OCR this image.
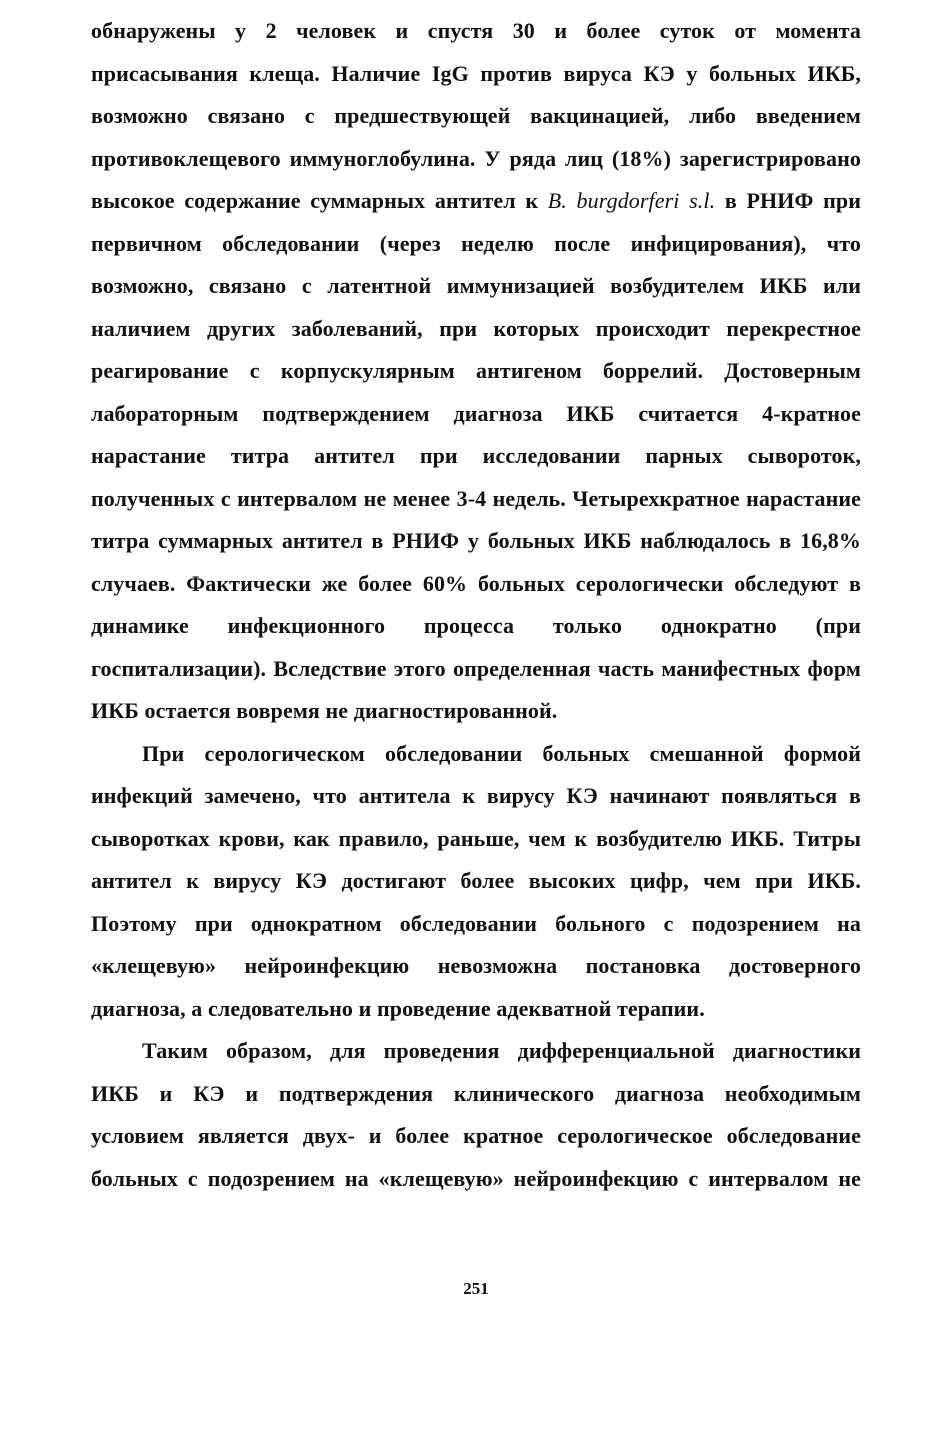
обнаружены у 2 человек и спустя 30 и более суток от момента
присасывания клеща. Наличие IgG против вируса КЭ у больных ИКБ,
возможно связано с предшествующей вакцинацией, либо введением
противоклещевого иммуноглобулина. У ряда лиц (18%) зарегистрировано
высокое содержание суммарных антител к B. burgdorferi s.l. в РНИФ при
первичном обследовании (через неделю после инфицирования), что
возможно, связано с латентной иммунизацией возбудителем ИКБ или
наличием других заболеваний, при которых происходит перекрестное
реагирование с корпускулярным антигеном боррелий. Достоверным
лабораторным подтверждением диагноза ИКБ считается 4-кратное
нарастание титра антител при исследовании парных сывороток,
полученных с интервалом не менее 3-4 недель. Четырехкратное нарастание
титра суммарных антител в РНИФ у больных ИКБ наблюдалось в 16,8%
случаев. Фактически же более 60% больных серологически обследуют в
динамике инфекционного процесса только однократно (при
госпитализации). Вследствие этого определенная часть манифестных форм
ИКБ остается вовремя не диагностированной.
При серологическом обследовании больных смешанной формой
инфекций замечено, что антитела к вирусу КЭ начинают появляться в
сыворотках крови, как правило, раньше, чем к возбудителю ИКБ. Титры
антител к вирусу КЭ достигают более высоких цифр, чем при ИКБ.
Поэтому при однократном обследовании больного с подозрением на
«клещевую» нейроинфекцию невозможна постановка достоверного
диагноза, а следовательно и проведение адекватной терапии.
Таким образом, для проведения дифференциальной диагностики
ИКБ и КЭ и подтверждения клинического диагноза необходимым
условием является двух- и более кратное серологическое обследование
больных с подозрением на «клещевую» нейроинфекцию с интервалом не
251
